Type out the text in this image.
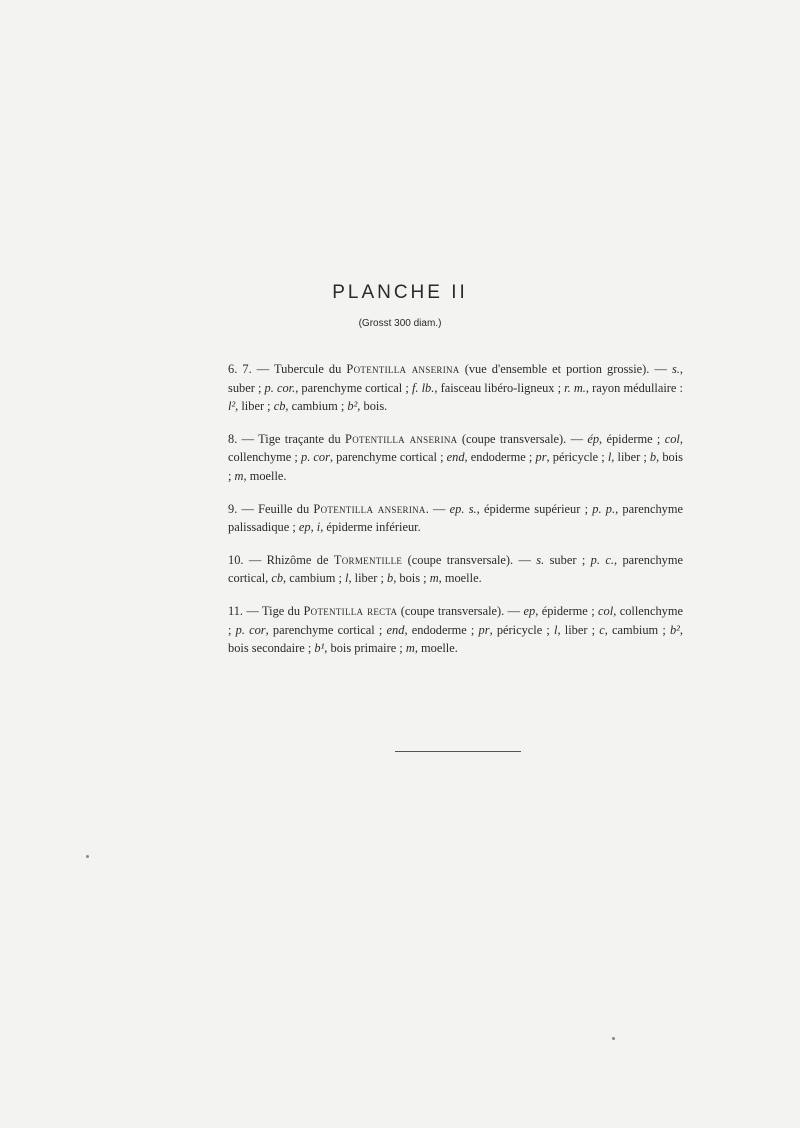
PLANCHE II
(Grosst 300 diam.)

6. 7. — Tubercule du Potentilla anserina (vue d'ensemble et portion grossie). — s., suber ; p. cor., parenchyme cortical ; f. lb., faisceau libéro-ligneux ; r. m., rayon médullaire : l², liber ; cb, cambium ; b², bois.

8. — Tige traçante du Potentilla anserina (coupe transversale). — ép, épiderme ; col, collenchyme ; p. cor, parenchyme cortical ; end, endoderme ; pr, péricycle ; l, liber ; b, bois ; m, moelle.

9. — Feuille du Potentilla anserina. — ep. s., épiderme supérieur ; p. p., parenchyme palissadique ; ep, i, épiderme inférieur.

10. — Rhizôme de Tormentille (coupe transversale). — s. suber ; p. c., parenchyme cortical, cb, cambium ; l, liber ; b, bois ; m, moelle.

11. — Tige du Potentilla recta (coupe transversale). — ep, épiderme ; col, collenchyme ; p. cor, parenchyme cortical ; end, endoderme ; pr, péricycle ; l, liber ; c, cambium ; b², bois secondaire ; b¹, bois primaire ; m, moelle.
